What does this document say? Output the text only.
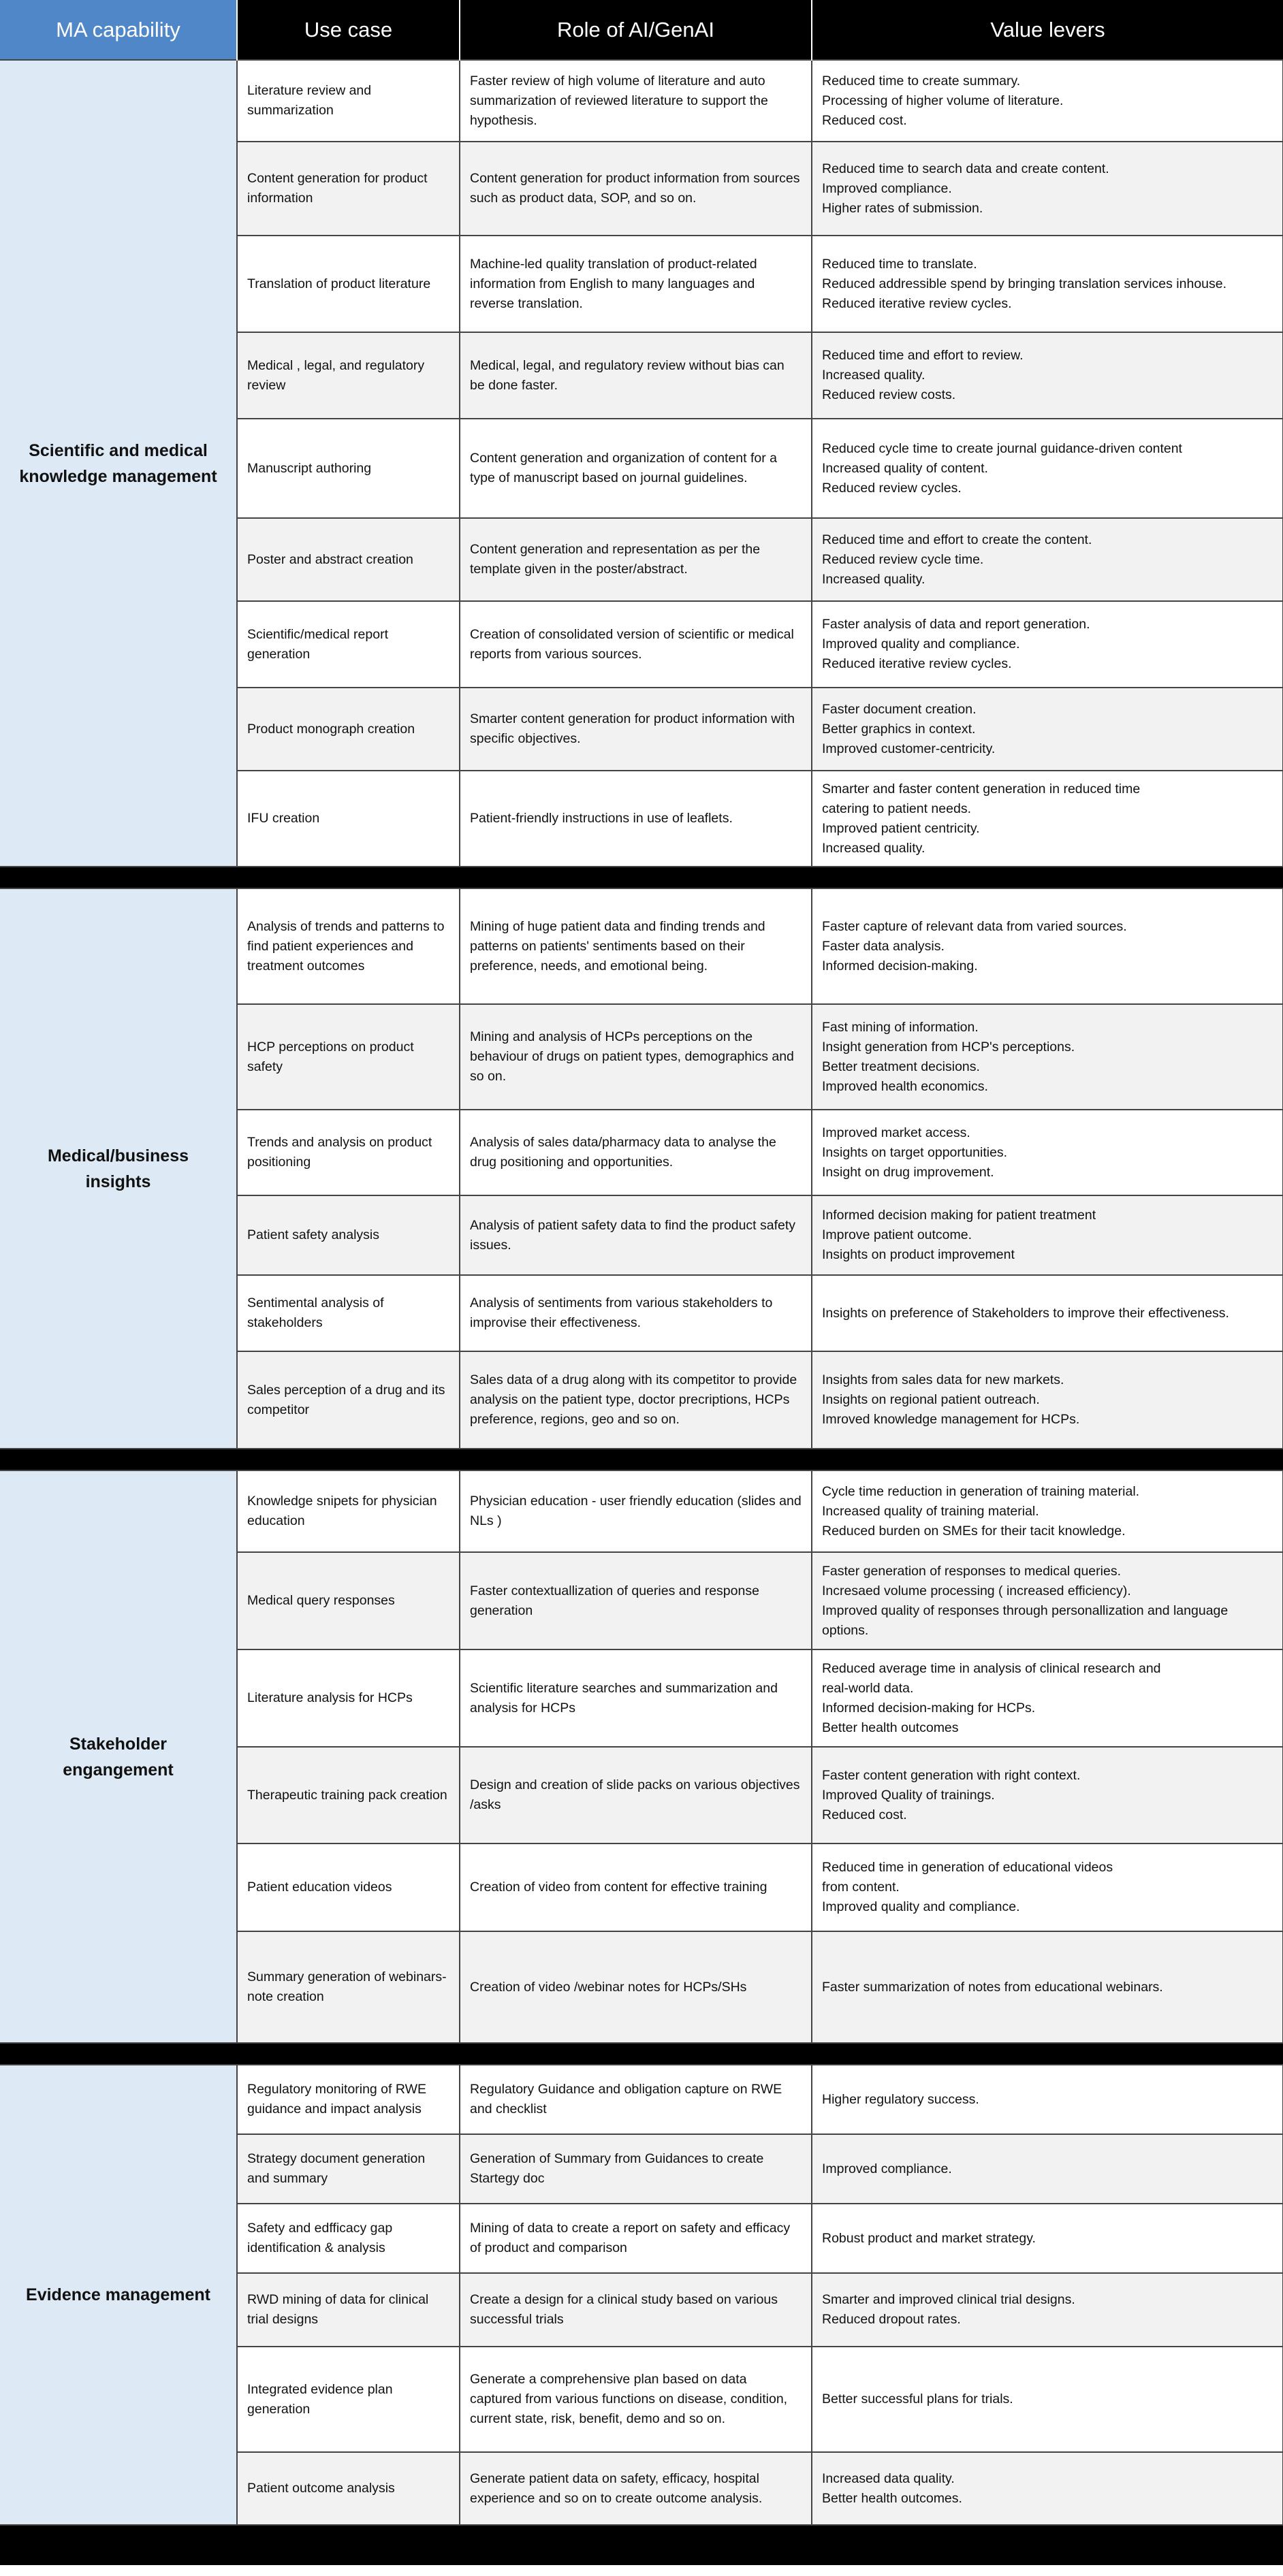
MA capability	Use case	Role of AI/GenAI	Value levers
Scientific and medical knowledge management	Literature review and summarization	Faster review of high volume of literature and auto summarization of reviewed literature to support the hypothesis.	Reduced time to create summary.
Processing of higher volume of literature.
Reduced cost.

	Content generation for product information	Content generation for product information from sources such as product data, SOP, and so on.	Reduced time to search data and create content.
Improved compliance.
Higher rates of submission.

	Translation of product literature	Machine-led quality translation of product-related information from English to many languages and reverse translation.	Reduced time to translate.
Reduced addressible spend by bringing translation services inhouse.
Reduced iterative review cycles.

	Medical , legal, and regulatory review	Medical, legal, and regulatory review without bias can be done faster.	Reduced time and effort to review.
Increased quality.
Reduced review costs.

	Manuscript authoring	Content generation and organization of content for a type of manuscript based on journal guidelines.	Reduced cycle time to create journal guidance-driven content
Increased quality of content.
Reduced review cycles.

	Poster and abstract creation	Content generation and representation as per the template given in the poster/abstract.	Reduced time and effort to create the content.
Reduced review cycle time.
Increased quality.

	Scientific/medical report generation	Creation of consolidated version of scientific or medical reports from various sources.	Faster analysis of data and report generation.
Improved quality and compliance.
Reduced iterative review cycles.

	Product monograph creation	Smarter content generation for product information with specific objectives.	Faster document creation.
Better graphics in context.
Improved customer-centricity.

	IFU creation	Patient-friendly instructions in use of leaflets.	Smarter and faster content generation in reduced time
catering to patient needs.
Improved patient centricity.
Increased quality.

Medical/business insights	Analysis of trends and patterns to find patient experiences and treatment outcomes	Mining of huge patient data and finding trends and patterns on patients' sentiments based on their preference, needs, and emotional being.	Faster capture of relevant data from varied sources.
Faster data analysis.
Informed decision-making.

	HCP perceptions on product safety	Mining and analysis of HCPs perceptions on the behaviour of drugs on patient types, demographics and so on.	Fast mining of information.
Insight generation from HCP's perceptions.
Better treatment decisions.
Improved health economics.

	Trends and analysis on product positioning	Analysis of sales data/pharmacy data to analyse the drug positioning and opportunities.	Improved market access.
Insights on target opportunities.
Insight on drug improvement.

	Patient safety analysis	Analysis of patient safety data to find the product safety issues.	Informed decision making for patient treatment
Improve patient outcome.
Insights on product improvement

	Sentimental analysis of stakeholders	Analysis of sentiments from various stakeholders to improvise their effectiveness.	Insights on preference of Stakeholders to improve their effectiveness.

	Sales perception of a drug and its competitor	Sales data of a drug along with its competitor to provide analysis on the patient type, doctor precriptions, HCPs preference, regions, geo and so on.	Insights from sales data for new markets.
Insights on regional patient outreach.
Imroved knowledge management for HCPs.

Stakeholder engangement	Knowledge snipets for physician education	Physician education - user friendly education (slides and NLs )	Cycle time reduction in generation of training material.
Increased quality of training material.
Reduced burden on SMEs for their tacit knowledge.

	Medical query responses	Faster contextuallization of queries and response generation	Faster generation of responses to medical queries.
Incresaed volume processing ( increased efficiency).
Improved quality of responses through personallization and language options.

	Literature analysis for HCPs	Scientific literature searches and summarization and analysis for HCPs	Reduced average time in analysis of clinical research and
real-world data.
Informed decision-making for HCPs.
Better health outcomes

	Therapeutic training pack creation	Design and creation of slide packs on various objectives /asks	Faster content generation with right context.
Improved Quality of trainings.
Reduced cost.

	Patient education videos	Creation of video from content for effective training	Reduced time in generation of educational videos
from content.
Improved quality and compliance.

	Summary generation of webinars-note creation	Creation of video /webinar notes for HCPs/SHs	Faster summarization of notes from educational webinars.

Evidence management	Regulatory monitoring of RWE guidance and impact analysis	Regulatory Guidance and obligation capture on RWE and checklist	Higher regulatory success.

	Strategy document generation and summary	Generation of Summary from Guidances to create Startegy doc	Improved compliance.

	Safety and edfficacy gap identification & analysis	Mining of data to create a report on safety and efficacy of product and comparison	Robust product and market strategy.

	RWD mining of data for clinical trial designs	Create a design for a clinical study based on various successful trials	Smarter and improved clinical trial designs.
Reduced dropout rates.

	Integrated evidence plan generation	Generate a comprehensive plan based on data captured from various functions on disease, condition, current state, risk, benefit, demo and so on.	Better successful plans for trials.

	Patient outcome analysis	Generate patient data on safety, efficacy, hospital experience and so on to create outcome analysis.	Increased data quality.
Better health outcomes.
